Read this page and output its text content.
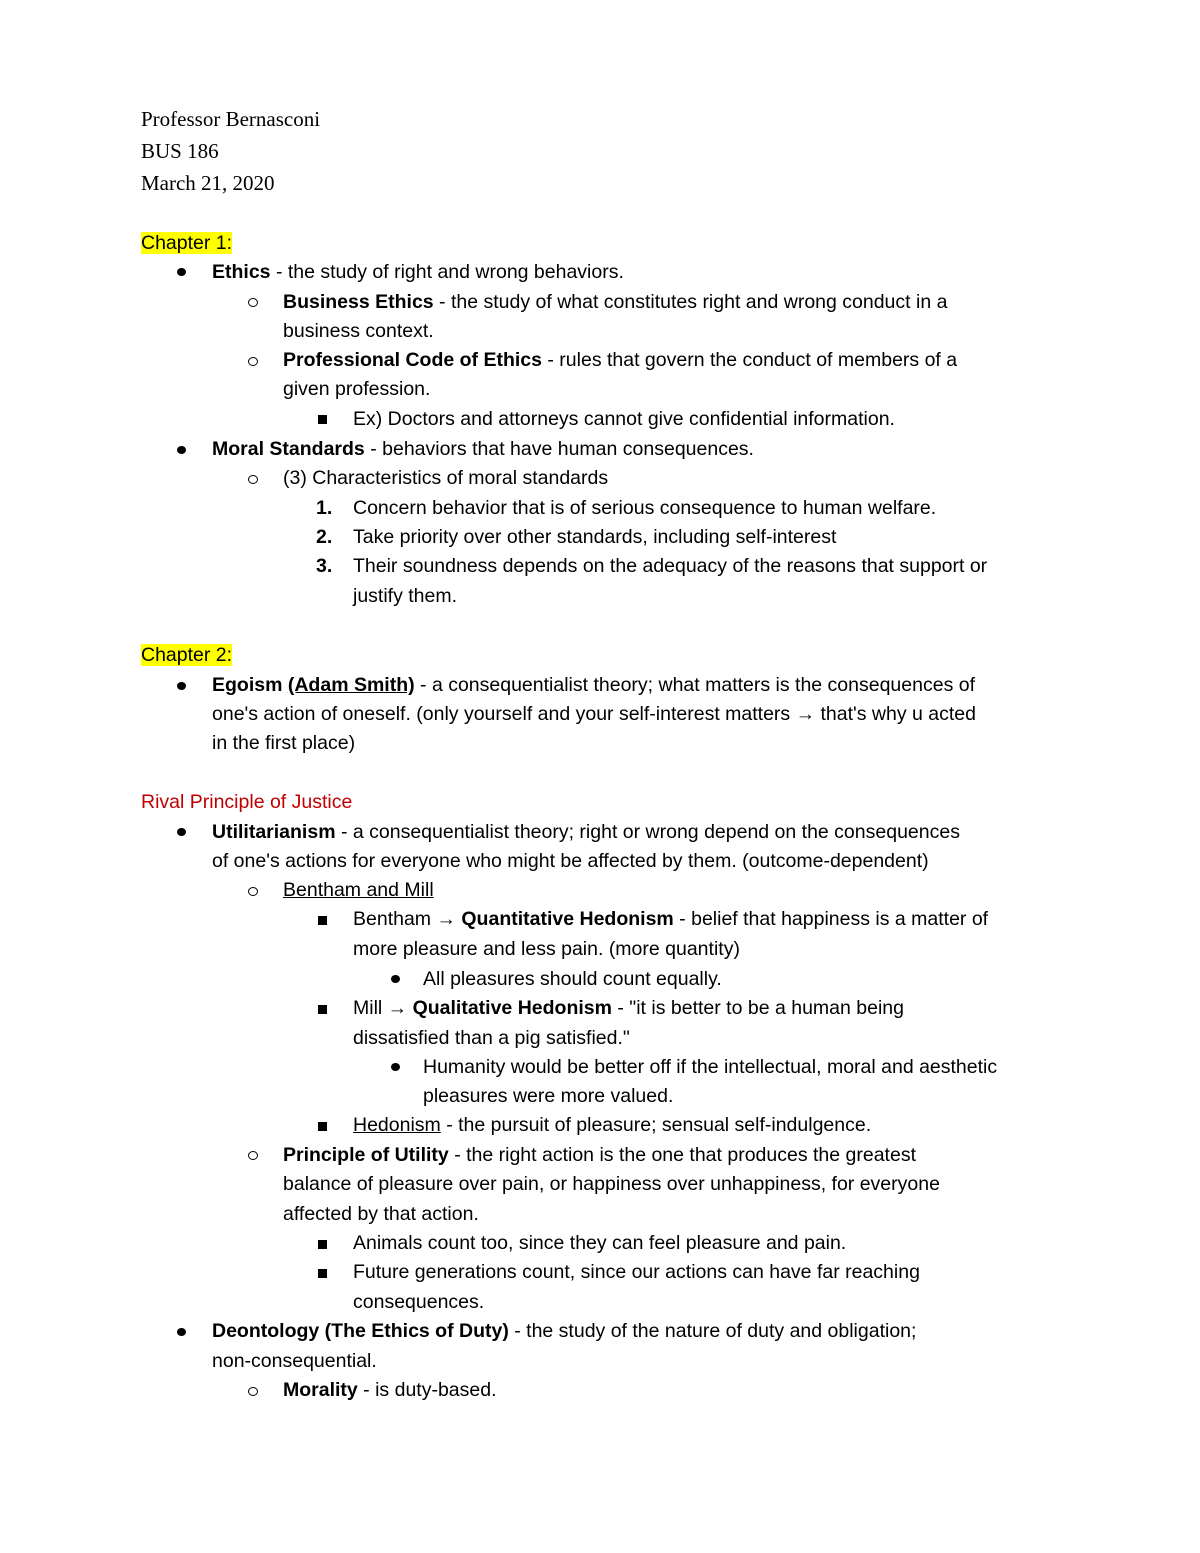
Professor Bernasconi
BUS 186
March 21, 2020
Chapter 1:
Ethics - the study of right and wrong behaviors.
Business Ethics - the study of what constitutes right and wrong conduct in a
business context.
Professional Code of Ethics - rules that govern the conduct of members of a
given profession.
Ex) Doctors and attorneys cannot give confidential information.
Moral Standards - behaviors that have human consequences.
(3) Characteristics of moral standards
1. Concern behavior that is of serious consequence to human welfare.
2. Take priority over other standards, including self-interest
3. Their soundness depends on the adequacy of the reasons that support or
justify them.
Chapter 2:
Egoism (Adam Smith) - a consequentialist theory; what matters is the consequences of
one's action of oneself. (only yourself and your self-interest matters → that's why u acted
in the first place)
Rival Principle of Justice
Utilitarianism - a consequentialist theory; right or wrong depend on the consequences
of one's actions for everyone who might be affected by them. (outcome-dependent)
Bentham and Mill
Bentham → Quantitative Hedonism - belief that happiness is a matter of
more pleasure and less pain. (more quantity)
All pleasures should count equally.
Mill → Qualitative Hedonism - "it is better to be a human being
dissatisfied than a pig satisfied."
Humanity would be better off if the intellectual, moral and aesthetic
pleasures were more valued.
Hedonism - the pursuit of pleasure; sensual self-indulgence.
Principle of Utility - the right action is the one that produces the greatest
balance of pleasure over pain, or happiness over unhappiness, for everyone
affected by that action.
Animals count too, since they can feel pleasure and pain.
Future generations count, since our actions can have far reaching
consequences.
Deontology (The Ethics of Duty) - the study of the nature of duty and obligation;
non-consequential.
Morality - is duty-based.
